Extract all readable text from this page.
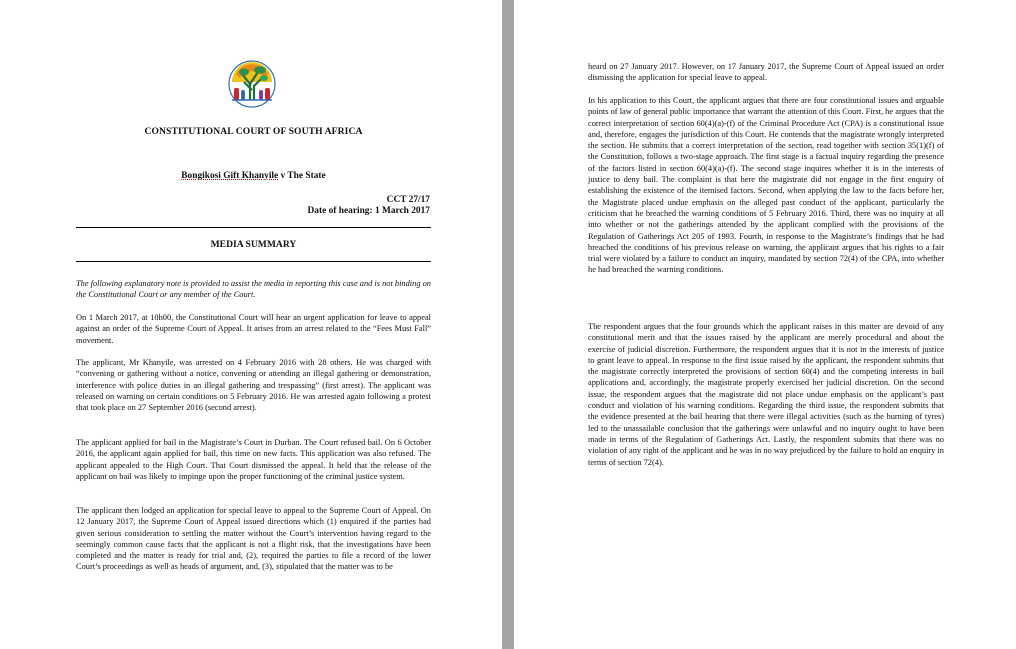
CONSTITUTIONAL COURT OF SOUTH AFRICA
Bongikosi Gift Khanyile v The State
CCT 27/17
Date of hearing: 1 March 2017
MEDIA SUMMARY

The following explanatory note is provided to assist the media in reporting this case and is not binding on the Constitutional Court or any member of the Court.

On 1 March 2017, at 10h00, the Constitutional Court will hear an urgent application for leave to appeal against an order of the Supreme Court of Appeal. It arises from an arrest related to the “Fees Must Fall” movement.

The applicant, Mr Khanyile, was arrested on 4 February 2016 with 28 others. He was charged with “convening or gathering without a notice, convening or attending an illegal gathering or demonstration, interference with police duties in an illegal gathering and trespassing” (first arrest). The applicant was released on warning on certain conditions on 5 February 2016. He was arrested again following a protest that took place on 27 September 2016 (second arrest).

The applicant applied for bail in the Magistrate’s Court in Durban. The Court refused bail. On 6 October 2016, the applicant again applied for bail, this time on new facts. This application was also refused. The applicant appealed to the High Court. That Court dismissed the appeal. It held that the release of the applicant on bail was likely to impinge upon the proper functioning of the criminal justice system.

The applicant then lodged an application for special leave to appeal to the Supreme Court of Appeal. On 12 January 2017, the Supreme Court of Appeal issued directions which (1) enquired if the parties had given serious consideration to settling the matter without the Court’s intervention having regard to the seemingly common cause facts that the applicant is not a flight risk, that the investigations have been completed and the matter is ready for trial and, (2), required the parties to file a record of the lower Court’s proceedings as well as heads of argument, and, (3), stipulated that the matter was to be

heard on 27 January 2017. However, on 17 January 2017, the Supreme Court of Appeal issued an order dismissing the application for special leave to appeal.

In his application to this Court, the applicant argues that there are four constitutional issues and arguable points of law of general public importance that warrant the attention of this Court. First, he argues that the correct interpretation of section 60(4)(a)-(f) of the Criminal Procedure Act (CPA) is a constitutional issue and, therefore, engages the jurisdiction of this Court. He contends that the magistrate wrongly interpreted the section. He submits that a correct interpretation of the section, read together with section 35(1)(f) of the Constitution, follows a two-stage approach. The first stage is a factual inquiry regarding the presence of the factors listed in section 60(4)(a)-(f). The second stage inquires whether it is in the interests of justice to deny bail. The complaint is that here the magistrate did not engage in the first enquiry of establishing the existence of the itemised factors. Second, when applying the law to the facts before her, the Magistrate placed undue emphasis on the alleged past conduct of the applicant, particularly the criticism that he breached the warning conditions of 5 February 2016. Third, there was no inquiry at all into whether or not the gatherings attended by the applicant complied with the provisions of the Regulation of Gatherings Act 205 of 1993. Fourth, in response to the Magistrate’s findings that he had breached the conditions of his previous release on warning, the applicant argues that his rights to a fair trial were violated by a failure to conduct an inquiry, mandated by section 72(4) of the CPA, into whether he had breached the warning conditions.

The respondent argues that the four grounds which the applicant raises in this matter are devoid of any constitutional merit and that the issues raised by the applicant are merely procedural and about the exercise of judicial discretion. Furthermore, the respondent argues that it is not in the interests of justice to grant leave to appeal. In response to the first issue raised by the applicant, the respondent submits that the magistrate correctly interpreted the provisions of section 60(4) and the competing interests in bail applications and, accordingly, the magistrate properly exercised her judicial discretion. On the second issue, the respondent argues that the magistrate did not place undue emphasis on the applicant’s past conduct and violation of his warning conditions. Regarding the third issue, the respondent submits that the evidence presented at the bail hearing that there were illegal activities (such as the burning of tyres) led to the unassailable conclusion that the gatherings were unlawful and no inquiry ought to have been made in terms of the Regulation of Gatherings Act. Lastly, the respondent submits that there was no violation of any right of the applicant and he was in no way prejudiced by the failure to hold an enquiry in terms of section 72(4).
